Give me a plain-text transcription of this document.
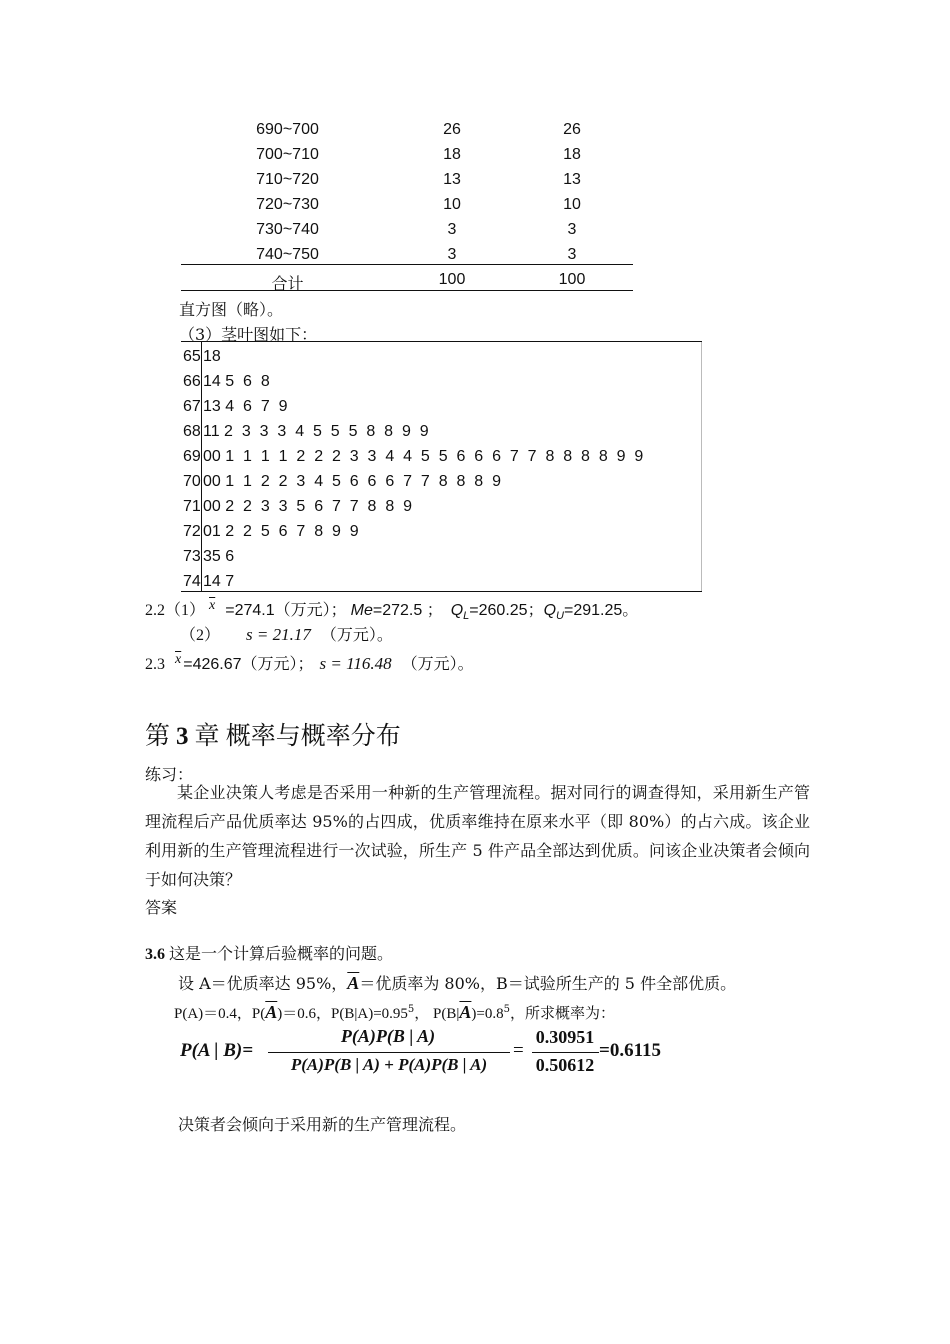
690~700	26	26
700~710	18	18
710~720	13	13
720~730	10	10
730~740	3	3
740~750	3	3
合计	100	100
直方图（略）。
（3）茎叶图如下：
65 18
66 14 5  6  8
67 13 4  6  7  9
68 11 2  3  3  3  4  5  5  5  8  8  9  9
69 00 1  1  1  1  2  2  2  3  3  4  4  5  5  6  6  6  7  7  8  8  8  8  9  9
70 00 1  1  2  2  3  4  5  6  6  6  7  7  8  8  8  9
71 00 2  2  3  3  5  6  7  7  8  8  9
72 01 2  2  5  6  7  8  9  9
73 35 6
74 14 7
2.2（1） $\overline{x} =274.1$（万元）； Me=272.5 ； $Q_L=260.25$；$Q_U=291.25$。
（2） s = 21.17 （万元）。
2.3 $\overline{x} =426.67$（万元）； s = 116.48 （万元）。
第 3 章 概率与概率分布
练习：
某企业决策人考虑是否采用一种新的生产管理流程。据对同行的调查得知，采用新生产管理流程后产品优质率达 95%的占四成，优质率维持在原来水平（即 80%）的占六成。该企业利用新的生产管理流程进行一次试验，所生产 5 件产品全部达到优质。问该企业决策者会倾向于如何决策？
答案
3.6 这是一个计算后验概率的问题。
设 A＝优质率达 95%，$\overline{A}=$优质率为 80%，B＝试验所生产的 5 件全部优质。
P(A)＝0.4，$P(\overline{A})=0.6$，$P(B|A)=0.95^5$， $P(B|\overline{A})=0.8^5$，所求概率为：
P(A | B)=
P(A)P(B | A)
P(A)P(B | A) + P(A)P(B | A)
=
0.30951
0.50612
=0.6115
决策者会倾向于采用新的生产管理流程。
